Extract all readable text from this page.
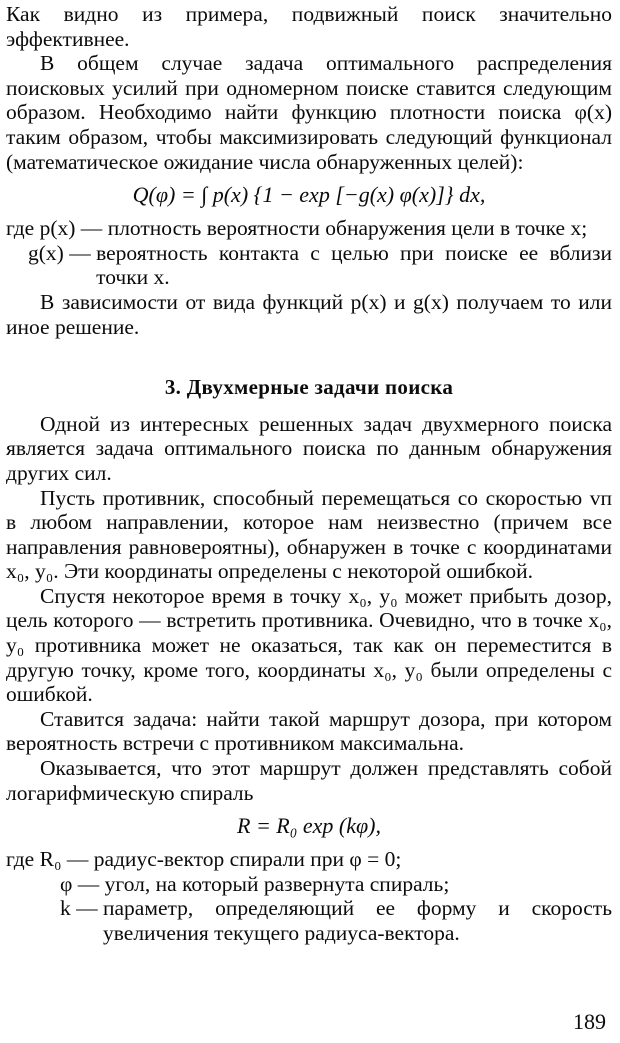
Как видно из примера, подвижный поиск значительно эффективнее.

В общем случае задача оптимального распределения поисковых усилий при одномерном поиске ставится следующим образом. Необходимо найти функцию плотности поиска φ(x) таким образом, чтобы максимизировать следующий функционал (математическое ожидание числа обнаруженных целей):

Q(φ) = ∫ p(x) {1 − exp [−g(x) φ(x)]} dx,
где p(x) — плотность вероятности обнаружения цели в точке x;
g(x) — вероятность контакта с целью при поиске ее вблизи точки x.

В зависимости от вида функций p(x) и g(x) получаем то или иное решение.

3. Двухмерные задачи поиска

Одной из интересных решенных задач двухмерного поиска является задача оптимального поиска по данным обнаружения других сил.

Пусть противник, способный перемещаться со скоростью vп в любом направлении, которое нам неизвестно (причем все направления равновероятны), обнаружен в точке с координатами x₀, y₀. Эти координаты определены с некоторой ошибкой.

Спустя некоторое время в точку x₀, y₀ может прибыть дозор, цель которого — встретить противника. Очевидно, что в точке x₀, y₀ противника может не оказаться, так как он переместится в другую точку, кроме того, координаты x₀, y₀ были определены с ошибкой.

Ставится задача: найти такой маршрут дозора, при котором вероятность встречи с противником максимальна.

Оказывается, что этот маршрут должен представлять собой логарифмическую спираль

R = R₀ exp (kφ),
где R₀ — радиус-вектор спирали при φ = 0;
φ — угол, на который развернута спираль;
k — параметр, определяющий ее форму и скорость увеличения текущего радиуса-вектора.
189
